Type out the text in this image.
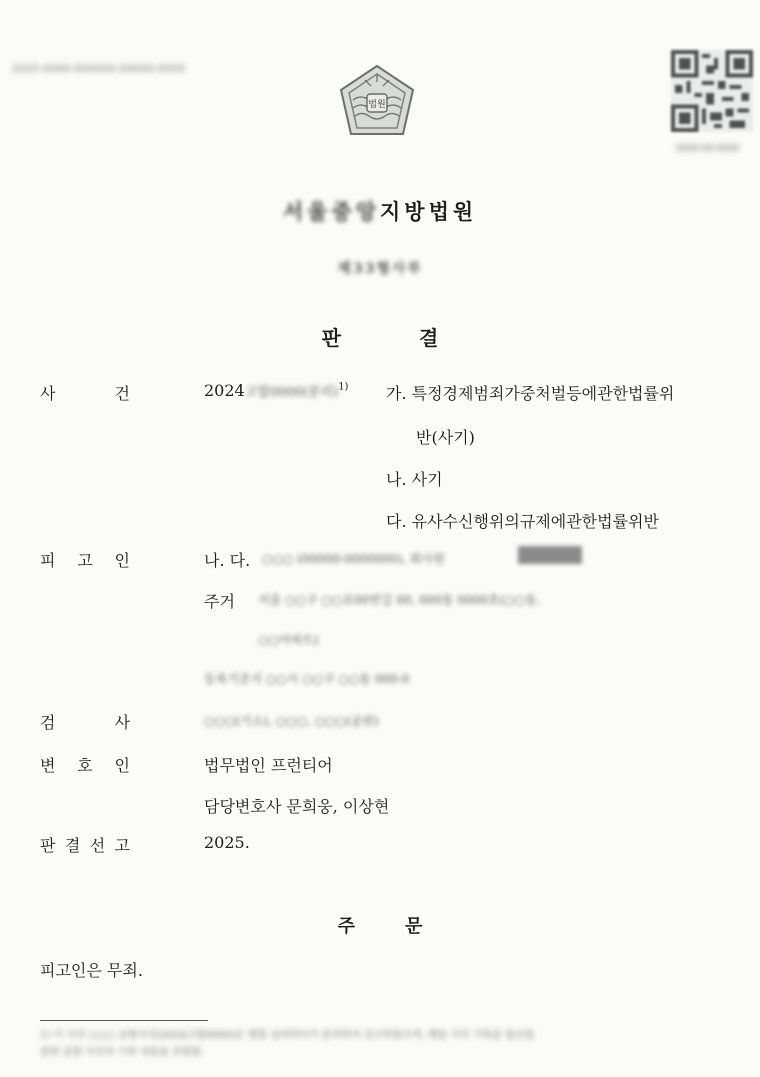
2025-0000-000000-00000-0000
법원
0000-00-0000
서울중앙지방법원
제33형사부
판결
사	건	2024고합0000(분리)$^{1)}$ 가. 특정경제범죄가중처벌등에관한법률위
반(사기)
나. 사기
다. 유사수신행위의규제에관한법률위반
피 고 인	나. 다. ○○○ (00000-0000000), 회사원
주거 서울 ○○구 ○○로00번길 00, 000동 0000호(○○동,
○○아파트)
등록기준지 ○○시 ○○구 ○○동 000-0
검	사	○○○(기소), ○○○, ○○○(공판)
변 호 인	법무법인 프런티어
담당변호사 문희웅, 이상현
판 결 선 고	2025.
주문
피고인은 무죄.
1) 이 사건 ○○○ 공범사건(2024고합0000)은 병합 심리하다가 분리하여 선고하였으며, 해당 사건 기록을 참조함.
관련 공범 사건의 기록 내용을 포함함.
